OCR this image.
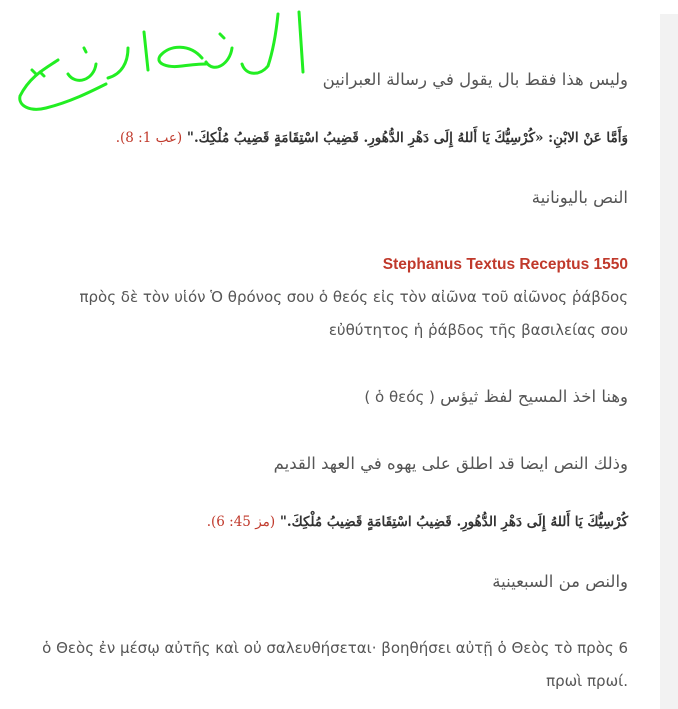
وليس هذا فقط بال يقول في رسالة العبرانين

وَأَمَّا عَنْ الابْنِ: «كُرْسِيُّكَ يَا أَللهُ إِلَى دَهْرِ الدُّهُورِ. قَضِيبُ اسْتِقَامَةٍ قَضِيبُ مُلْكِكَ." (عب 1: 8).

النص باليونانية

Stephanus Textus Receptus 1550

πρὸς δὲ τὸν υἱόν Ὁ θρόνος σου ὁ θεός εἰς τὸν αἰῶνα τοῦ αἰῶνος ῥάβδος

εὐθύτητος ἡ ῥάβδος τῆς βασιλείας σου

وهنا اخذ المسيح لفظ ثيؤس ( ὁ θεός )

وذلك النص ايضا قد اطلق على يهوه في العهد القديم

كُرْسِيُّكَ يَا أَللهُ إِلَى دَهْرِ الدُّهُورِ. قَضِيبُ اسْتِقَامَةٍ قَضِيبُ مُلْكِكَ." (مز 45: 6).

والنص من السبعينية

ὁ Θεὸς ἐν μέσῳ αὐτῆς καὶ οὐ σαλευθήσεται· βοηθήσει αὐτῇ ὁ Θεὸς τὸ πρὸς 6

.πρωὶ πρωί
